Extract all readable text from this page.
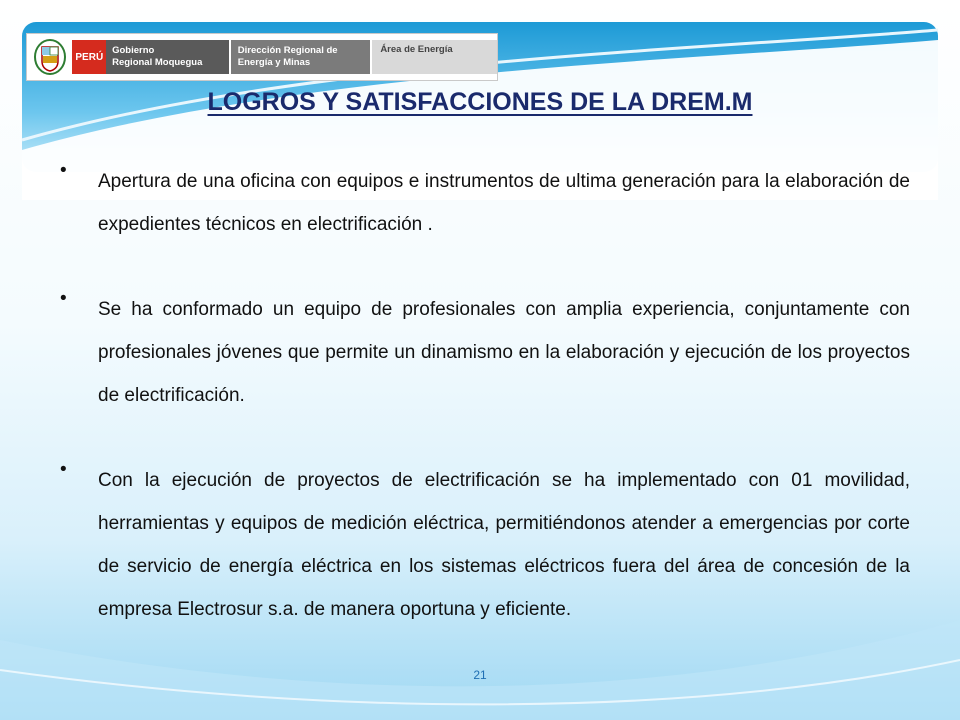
PERÚ
Gobierno
Regional Moquegua
Dirección Regional de
Energía y Minas
Área de Energía
LOGROS Y SATISFACCIONES DE LA DREM.M
•
Apertura de una oficina con equipos e instrumentos de ultima generación para la elaboración de expedientes técnicos en electrificación .
•
Se ha conformado un equipo de profesionales con amplia experiencia, conjuntamente con profesionales jóvenes que permite un dinamismo en la elaboración y ejecución de los proyectos de electrificación.
•
Con la ejecución de proyectos de electrificación se ha implementado con 01 movilidad, herramientas y equipos de medición eléctrica, permitiéndonos atender a emergencias por corte de servicio de energía eléctrica en los sistemas eléctricos fuera del área de concesión de la empresa Electrosur s.a. de manera oportuna y eficiente.
21
